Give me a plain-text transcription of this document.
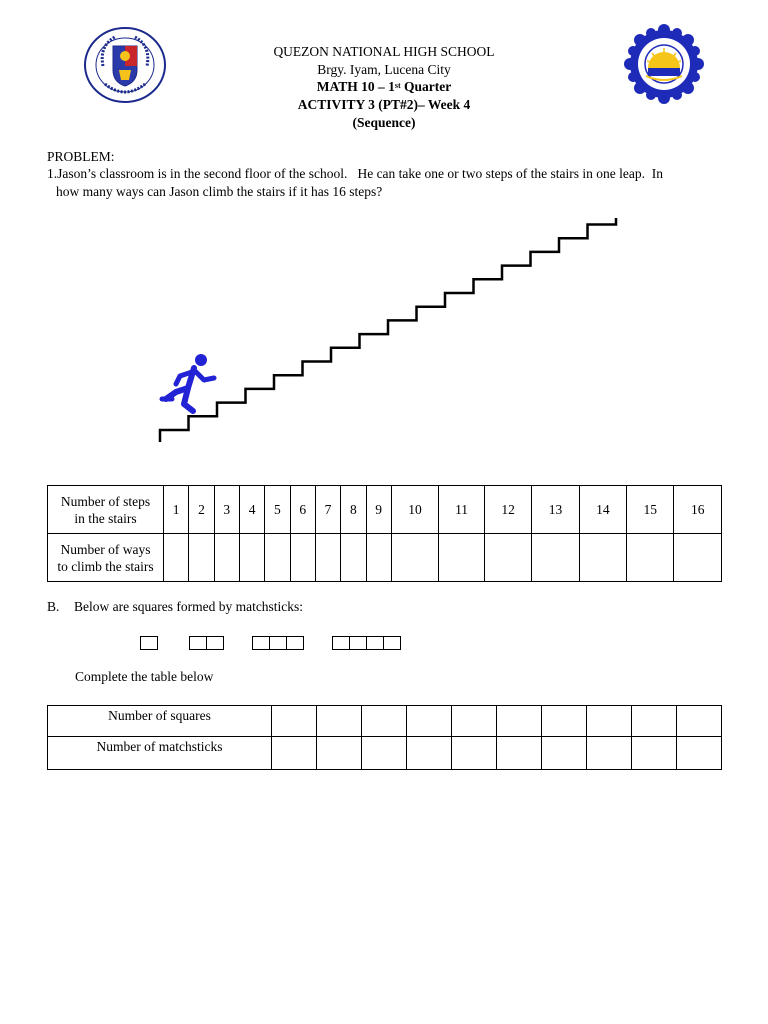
QUEZON NATIONAL HIGH SCHOOL
Brgy. Iyam, Lucena City
MATH 10 – 1st Quarter
ACTIVITY 3 (PT#2)– Week 4
(Sequence)
PROBLEM:
1.Jason’s classroom is in the second floor of the school.   He can take one or two steps of the stairs in one leap.  In
how many ways can Jason climb the stairs if it has 16 steps?
Number of steps
in the stairs	1	2	3	4	5	6	7	8	9	10	11	12	13	14	15	16

Number of ways
to climb the stairs																

B. Below are squares formed by matchsticks:
Complete the table below
Number of squares										
Number of matchsticks										
